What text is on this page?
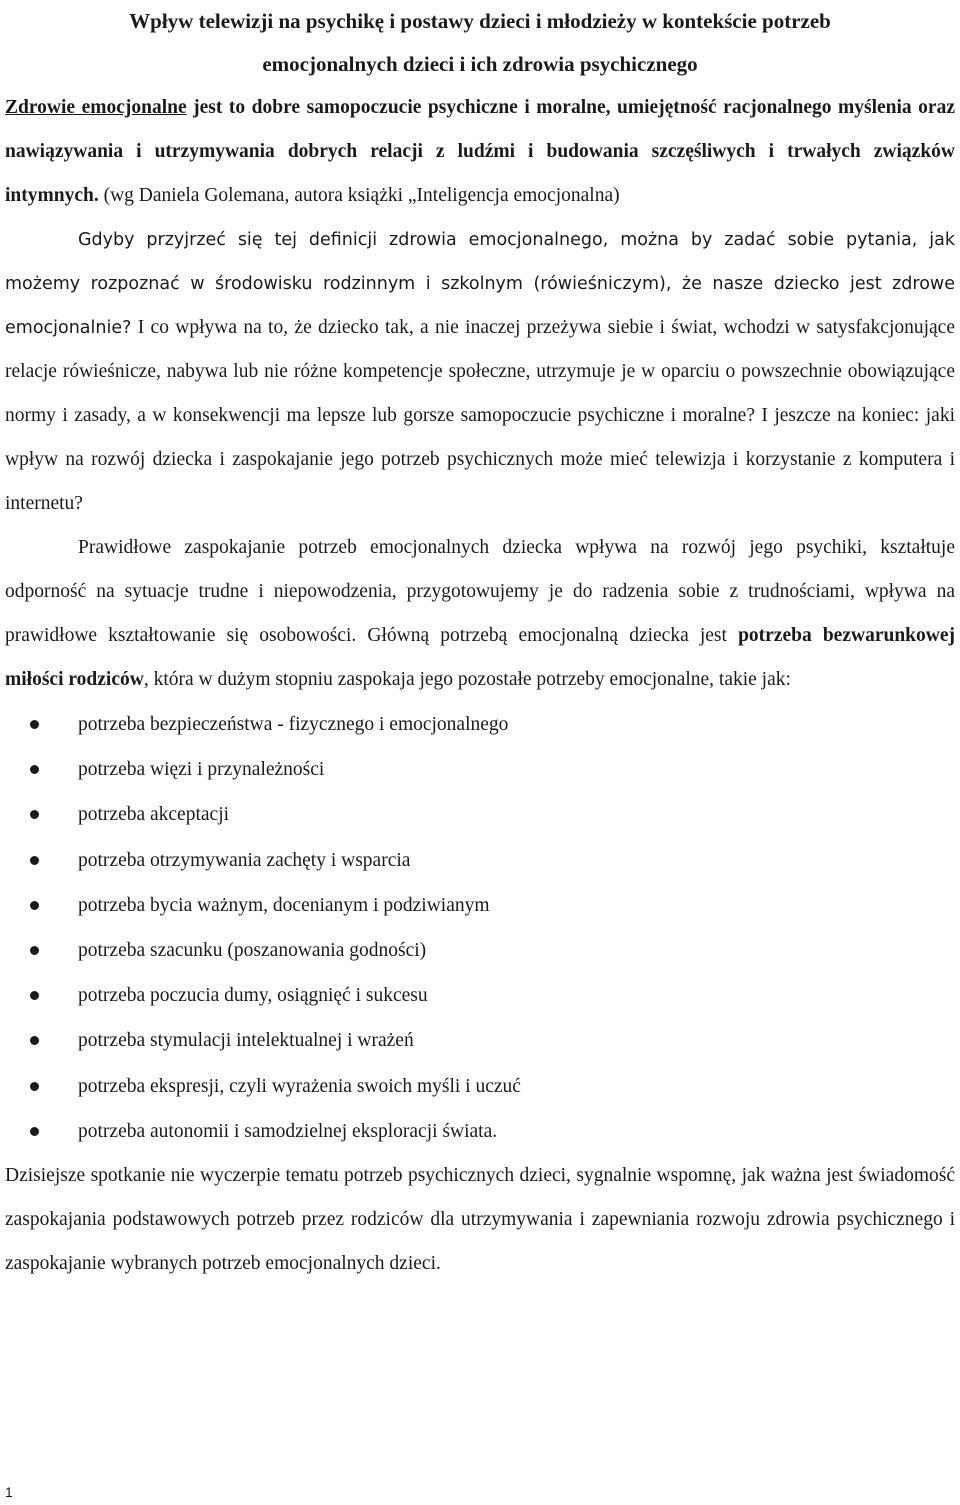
Wpływ telewizji na psychikę i postawy dzieci i młodzieży w kontekście potrzeb
emocjonalnych dzieci i ich zdrowia psychicznego

Zdrowie emocjonalne jest to dobre samopoczucie psychiczne i moralne, umiejętność racjonalnego myślenia oraz nawiązywania i utrzymywania dobrych relacji z ludźmi i budowania szczęśliwych i trwałych związków intymnych. (wg Daniela Golemana, autora książki „Inteligencja emocjonalna)

Gdyby przyjrzeć się tej definicji zdrowia emocjonalnego, można by zadać sobie pytania, jak możemy rozpoznać w środowisku rodzinnym i szkolnym (rówieśniczym), że nasze dziecko jest zdrowe emocjonalnie? I co wpływa na to, że dziecko tak, a nie inaczej przeżywa siebie i świat, wchodzi w satysfakcjonujące relacje rówieśnicze, nabywa lub nie różne kompetencje społeczne, utrzymuje je w oparciu o powszechnie obowiązujące normy i zasady, a w konsekwencji ma lepsze lub gorsze samopoczucie psychiczne i moralne? I jeszcze na koniec: jaki wpływ na rozwój dziecka i zaspokajanie jego potrzeb psychicznych może mieć telewizja i korzystanie z komputera i internetu?

Prawidłowe zaspokajanie potrzeb emocjonalnych dziecka wpływa na rozwój jego psychiki, kształtuje odporność na sytuacje trudne i niepowodzenia, przygotowujemy je do radzenia sobie z trudnościami, wpływa na prawidłowe kształtowanie się osobowości. Główną potrzebą emocjonalną dziecka jest potrzeba bezwarunkowej miłości rodziców, która w dużym stopniu zaspokaja jego pozostałe potrzeby emocjonalne, takie jak:

potrzeba bezpieczeństwa - fizycznego i emocjonalnego
potrzeba więzi i przynależności
potrzeba akceptacji
potrzeba otrzymywania zachęty i wsparcia
potrzeba bycia ważnym, docenianym i podziwianym
potrzeba szacunku (poszanowania godności)
potrzeba poczucia dumy, osiągnięć i sukcesu
potrzeba stymulacji intelektualnej i wrażeń
potrzeba ekspresji, czyli wyrażenia swoich myśli i uczuć
potrzeba autonomii i samodzielnej eksploracji świata.

Dzisiejsze spotkanie nie wyczerpie tematu potrzeb psychicznych dzieci, sygnalnie wspomnę, jak ważna jest świadomość zaspokajania podstawowych potrzeb przez rodziców dla utrzymywania i zapewniania rozwoju zdrowia psychicznego i zaspokajanie wybranych potrzeb emocjonalnych dzieci.

1
